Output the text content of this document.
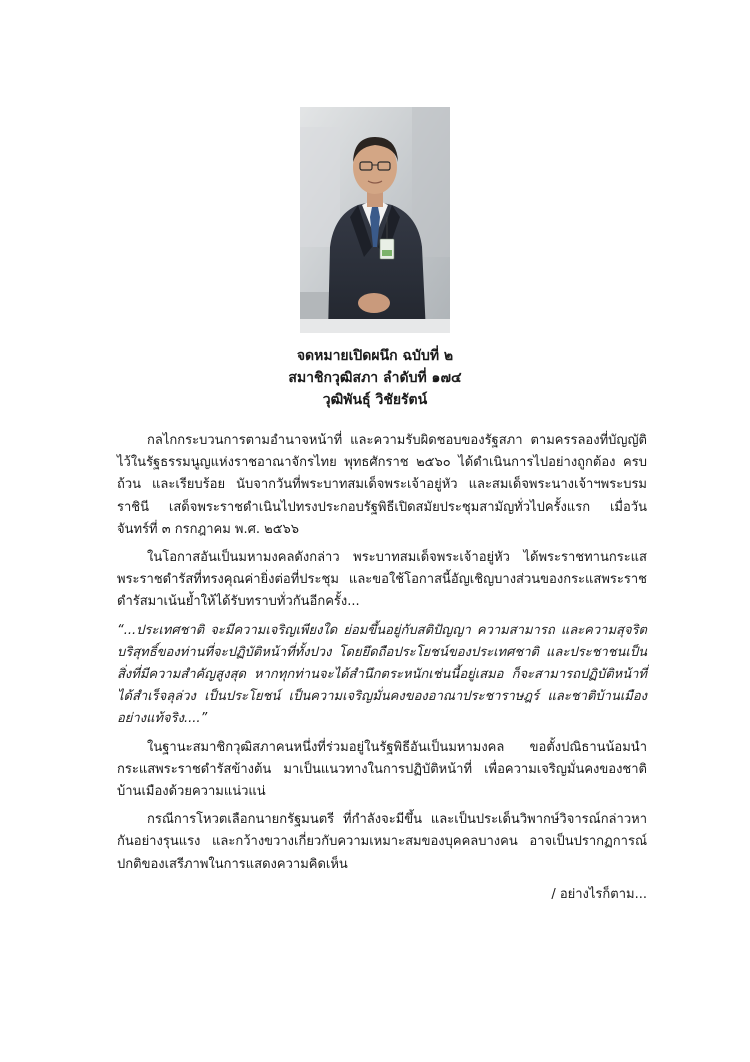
จดหมายเปิดผนึก ฉบับที่ ๒
สมาชิกวุฒิสภา ลำดับที่ ๑๗๔
วุฒิพันธุ์ วิชัยรัตน์

กลไกกระบวนการตามอำนาจหน้าที่ และความรับผิดชอบของรัฐสภา ตามครรลองที่บัญญัติไว้ในรัฐธรรมนูญแห่งราชอาณาจักรไทย พุทธศักราช ๒๕๖๐ ได้ดำเนินการไปอย่างถูกต้อง ครบถ้วน และเรียบร้อย นับจากวันที่พระบาทสมเด็จพระเจ้าอยู่หัว และสมเด็จพระนางเจ้าฯพระบรมราชินี เสด็จพระราชดำเนินไปทรงประกอบรัฐพิธีเปิดสมัยประชุมสามัญทั่วไปครั้งแรก เมื่อวันจันทร์ที่ ๓ กรกฎาคม พ.ศ. ๒๕๖๖

ในโอกาสอันเป็นมหามงคลดังกล่าว พระบาทสมเด็จพระเจ้าอยู่หัว ได้พระราชทานกระแสพระราชดำรัสที่ทรงคุณค่ายิ่งต่อที่ประชุม และขอใช้โอกาสนี้อัญเชิญบางส่วนของกระแสพระราชดำรัสมาเน้นย้ำให้ได้รับทราบทั่วกันอีกครั้ง...

“...ประเทศชาติ จะมีความเจริญเพียงใด ย่อมขึ้นอยู่กับสติปัญญา ความสามารถ และความสุจริตบริสุทธิ์ของท่านที่จะปฏิบัติหน้าที่ทั้งปวง โดยยึดถือประโยชน์ของประเทศชาติ และประชาชนเป็นสิ่งที่มีความสำคัญสูงสุด หากทุกท่านจะได้สำนึกตระหนักเช่นนี้อยู่เสมอ ก็จะสามารถปฏิบัติหน้าที่ได้สำเร็จลุล่วง เป็นประโยชน์ เป็นความเจริญมั่นคงของอาณาประชาราษฎร์ และชาติบ้านเมืองอย่างแท้จริง....”

ในฐานะสมาชิกวุฒิสภาคนหนึ่งที่ร่วมอยู่ในรัฐพิธีอันเป็นมหามงคล ขอตั้งปณิธานน้อมนำกระแสพระราชดำรัสข้างต้น มาเป็นแนวทางในการปฏิบัติหน้าที่ เพื่อความเจริญมั่นคงของชาติบ้านเมืองด้วยความแน่วแน่

กรณีการโหวตเลือกนายกรัฐมนตรี ที่กำลังจะมีขึ้น และเป็นประเด็นวิพากษ์วิจารณ์กล่าวหากันอย่างรุนแรง และกว้างขวางเกี่ยวกับความเหมาะสมของบุคคลบางคน อาจเป็นปรากฏการณ์ปกติของเสรีภาพในการแสดงความคิดเห็น

/ อย่างไรก็ตาม...
